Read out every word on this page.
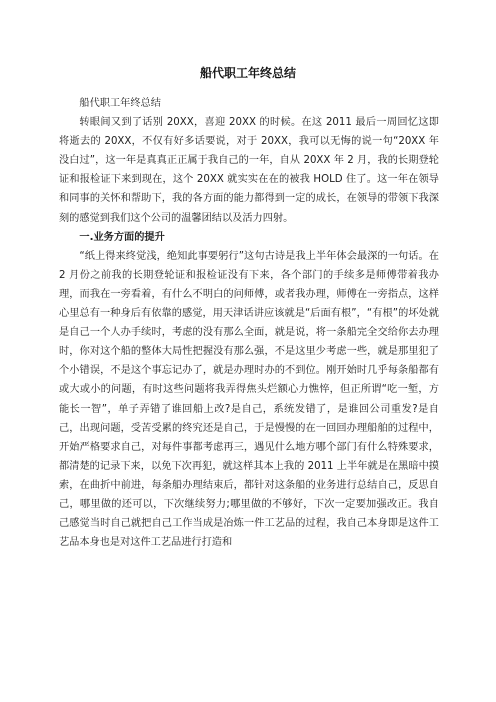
船代职工年终总结

船代职工年终总结

转眼间又到了话别 20XX，喜迎 20XX 的时候。在这 2011 最后一周回忆这即将逝去的 20XX，不仅有好多话要说，对于 20XX，我可以无悔的说一句“20XX 年没白过”，这一年是真真正正属于我自己的一年，自从 20XX 年 2 月，我的长期登轮证和报检证下来到现在，这个 20XX 就实实在在的被我 HOLD 住了。这一年在领导和同事的关怀和帮助下，我的各方面的能力都得到一定的成长，在领导的带领下我深刻的感觉到我们这个公司的温馨团结以及活力四射。

一.业务方面的提升

“纸上得来终觉浅，绝知此事要躬行”这句古诗是我上半年体会最深的一句话。在 2 月份之前我的长期登轮证和报检证没有下来，各个部门的手续多是师傅带着我办理，而我在一旁看着，有什么不明白的问师傅，或者我办理，师傅在一旁指点，这样心里总有一种身后有依靠的感觉，用天津话讲应该就是“后面有根”，“有根”的坏处就是自己一个人办手续时，考虑的没有那么全面，就是说，将一条船完全交给你去办理时，你对这个船的整体大局性把握没有那么强，不是这里少考虑一些，就是那里犯了个小错误，不是这个事忘记办了，就是办理时办的不到位。刚开始时几乎每条船都有或大或小的问题，有时这些问题将我弄得焦头烂额心力憔悴，但正所谓“吃一堑，方能长一智”，单子弄错了谁回船上改?是自己，系统发错了，是谁回公司重发?是自己，出现问题，受苦受累的终究还是自己，于是慢慢的在一回回办理船舶的过程中，开始严格要求自己，对每件事都考虑再三，遇见什么地方哪个部门有什么特殊要求，都清楚的记录下来，以免下次再犯，就这样其本上我的 2011 上半年就是在黑暗中摸索，在曲折中前进，每条船办理结束后，都针对这条船的业务进行总结自己，反思自己，哪里做的还可以，下次继续努力;哪里做的不够好，下次一定要加强改正。我自己感觉当时自己就把自己工作当成是冶炼一件工艺品的过程，我自己本身即是这件工艺品本身也是对这件工艺品进行打造和
